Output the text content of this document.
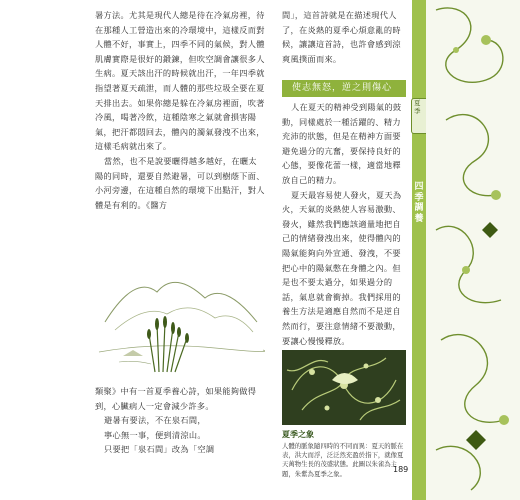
暑方法。尤其是現代人總是待在冷氣房裡，待在那種人工營造出來的冷環境中，這樣反而對人體不好，事實上，四季不同的氣候，對人體肌膚實際是很好的鍛鍊，但吹空調會讓很多人生病。夏天該出汗的時候就出汗，一年四季就指望著夏天疏泄，而人體的那些垃圾全要在夏天排出去。如果你總是躲在冷氣房裡面，吹著冷風，喝著冷飲，這種陰寒之氣就會損害陽氣，把汗都悶回去，體內的濁氣發洩不出來，這樣毛病就出來了。

當然，也不是說要曬得越多越好，在曬太陽的同時，還要自然避暑，可以到樹蔭下面、小河旁邊，在這種自然的環境下出點汗，對人體是有利的。《醫方

類聚》中有一首夏季養心詩，如果能夠做得到，心臟病人一定會減少許多。

避暑有要法，不在泉石間，

寧心無一事，便到清涼山。

只要把「泉石間」改為「空調

間」，這首詩就是在描述現代人了，在炎熱的夏季心煩意亂的時候，讓讓這首詩，也許會感到涼爽風撲面而來。

使志無怒，逆之則傷心

人在夏天的精神受到陽氣的鼓動，同樣處於一種活躍的、精力充沛的狀態，但是在精神方面要避免過分的亢奮，要保持良好的心態，要像花蕾一樣，適當地釋放自己的精力。

夏天最容易使人發火，夏天為火，天氣的炎熱使人容易激動、發火，雖然我們應該適量地把自己的情緒發洩出來，使得體內的陽氣能夠向外宣通、發洩，不要把心中的陽氣憋在身體之內。但是也不要太過分，如果過分的話，氣息就會衝掉。我們採用的養生方法是適應自然而不是逆自然而行，要注意情緒不要激動，要讓心慢慢釋放。

夏季之象
人體的脈象隨四時的不同而異：夏天的脈在表，洪大而浮，泛泛然充盈於指下，就像夏天萬物生長的茂盛狀態。此圖以朱雀為主題，朱紫為夏季之象。	189
夏季
四季調養
